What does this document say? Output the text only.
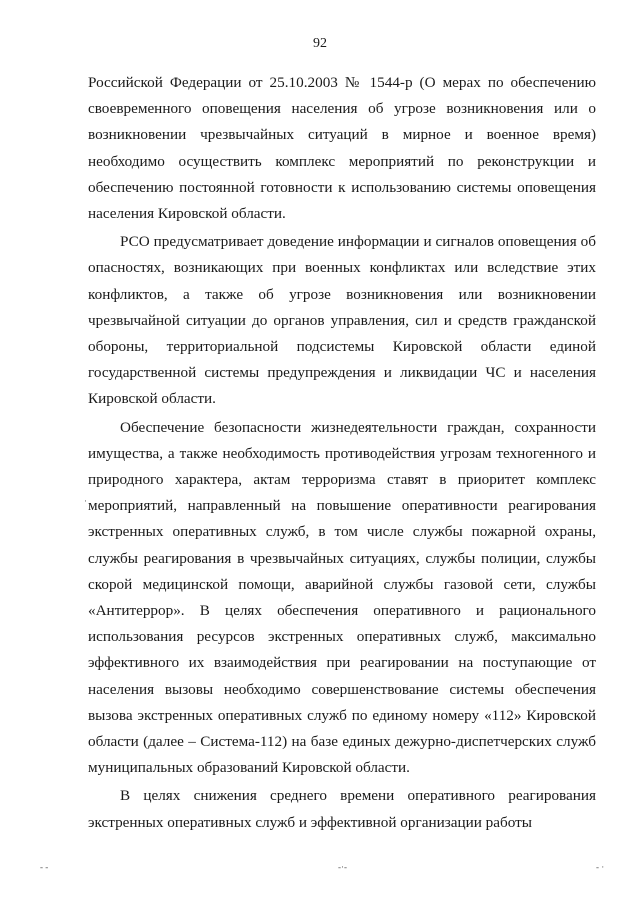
92

Российской Федерации от 25.10.2003 № 1544-р (О мерах по обеспечению своевременного оповещения населения об угрозе возникновения или о возникновении чрезвычайных ситуаций в мирное и военное время) необходимо осуществить комплекс мероприятий по реконструкции и обеспечению постоянной готовности к использованию системы оповещения населения Кировской области.

РСО предусматривает доведение информации и сигналов оповещения об опасностях, возникающих при военных конфликтах или вследствие этих конфликтов, а также об угрозе возникновения или возникновении чрезвычайной ситуации до органов управления, сил и средств гражданской обороны, территориальной подсистемы Кировской области единой государственной системы предупреждения и ликвидации ЧС и населения Кировской области.

Обеспечение безопасности жизнедеятельности граждан, сохранности имущества, а также необходимость противодействия угрозам техногенного и природного характера, актам терроризма ставят в приоритет комплекс мероприятий, направленный на повышение оперативности реагирования экстренных оперативных служб, в том числе службы пожарной охраны, службы реагирования в чрезвычайных ситуациях, службы полиции, службы скорой медицинской помощи, аварийной службы газовой сети, службы «Антитеррор». В целях обеспечения оперативного и рационального использования ресурсов экстренных оперативных служб, максимально эффективного их взаимодействия при реагировании на поступающие от населения вызовы необходимо совершенствование системы обеспечения вызова экстренных оперативных служб по единому номеру «112» Кировской области (далее – Система-112) на базе единых дежурно-диспетчерских служб муниципальных образований Кировской области.

В целях снижения среднего времени оперативного реагирования экстренных оперативных служб и эффективной организации работы

·
- -	-·-	- ·
